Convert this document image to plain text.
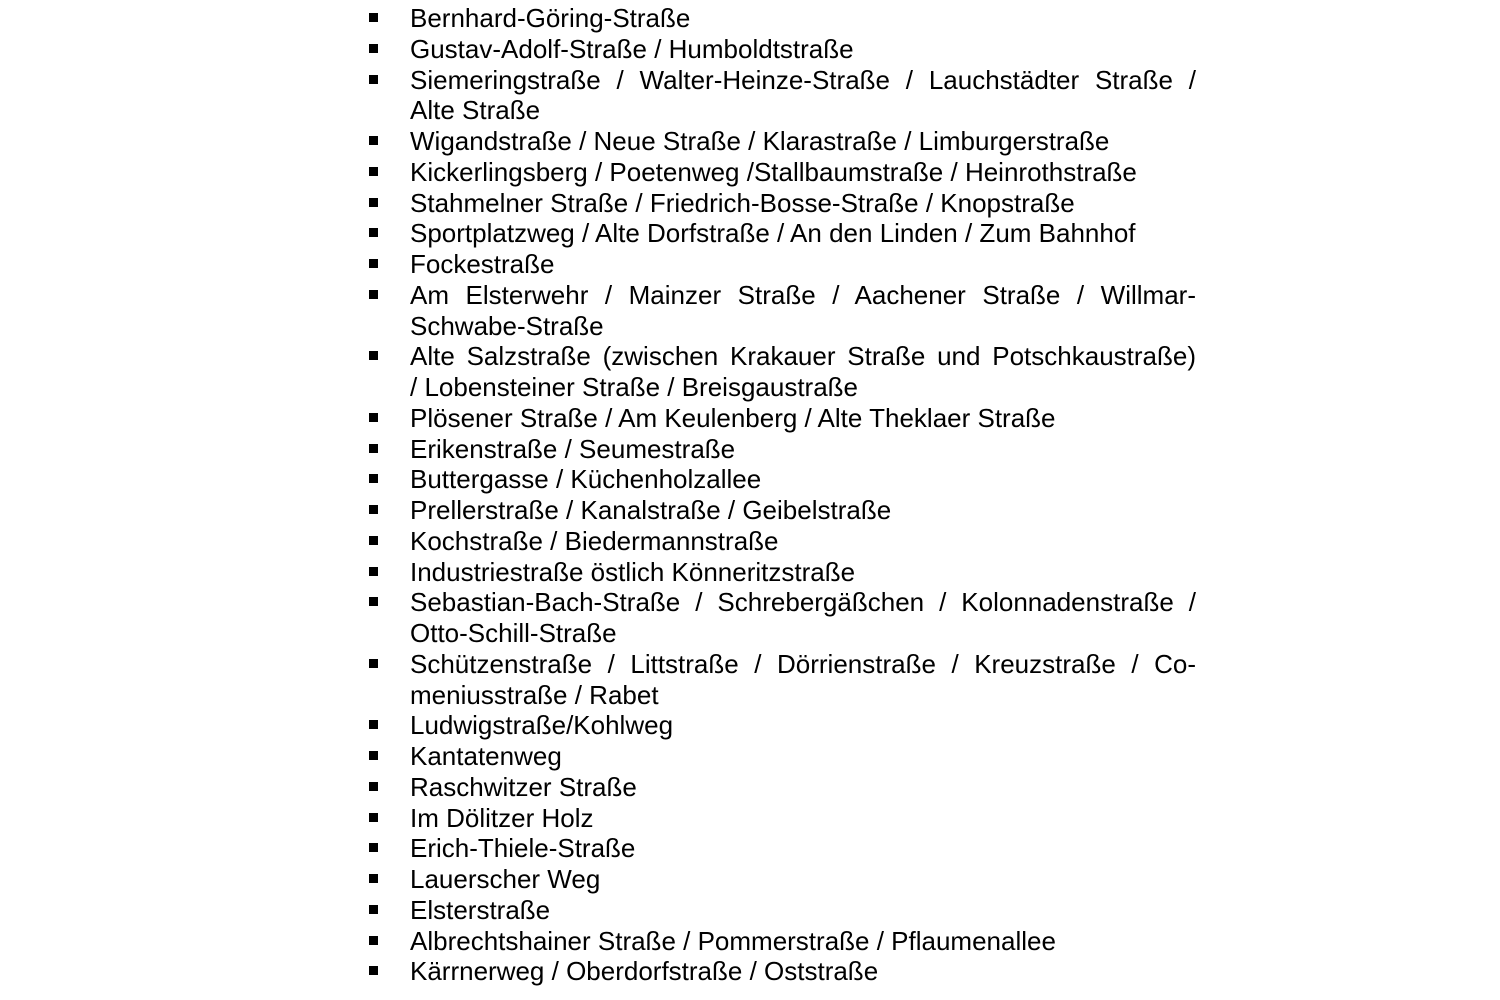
Bernhard-Göring-Straße
Gustav-Adolf-Straße / Humboldtstraße
Siemeringstraße / Walter-Heinze-Straße / Lauchstädter Straße /
Alte Straße
Wigandstraße / Neue Straße / Klarastraße / Limburgerstraße
Kickerlingsberg / Poetenweg /Stallbaumstraße / Heinrothstraße
Stahmelner Straße / Friedrich-Bosse-Straße / Knopstraße
Sportplatzweg / Alte Dorfstraße / An den Linden / Zum Bahnhof
Fockestraße
Am Elsterwehr / Mainzer Straße / Aachener Straße / Willmar-
Schwabe-Straße
Alte Salzstraße (zwischen Krakauer Straße und Potschkaustraße)
/ Lobensteiner Straße / Breisgaustraße
Plösener Straße / Am Keulenberg / Alte Theklaer Straße
Erikenstraße / Seumestraße
Buttergasse / Küchenholzallee
Prellerstraße / Kanalstraße / Geibelstraße
Kochstraße / Biedermannstraße
Industriestraße östlich Könneritzstraße
Sebastian-Bach-Straße / Schrebergäßchen / Kolonnadenstraße /
Otto-Schill-Straße
Schützenstraße / Littstraße / Dörrienstraße / Kreuzstraße / Co-
meniusstraße / Rabet
Ludwigstraße/Kohlweg
Kantatenweg
Raschwitzer Straße
Im Dölitzer Holz
Erich-Thiele-Straße
Lauerscher Weg
Elsterstraße
Albrechtshainer Straße / Pommerstraße / Pflaumenallee
Kärrnerweg / Oberdorfstraße / Oststraße
